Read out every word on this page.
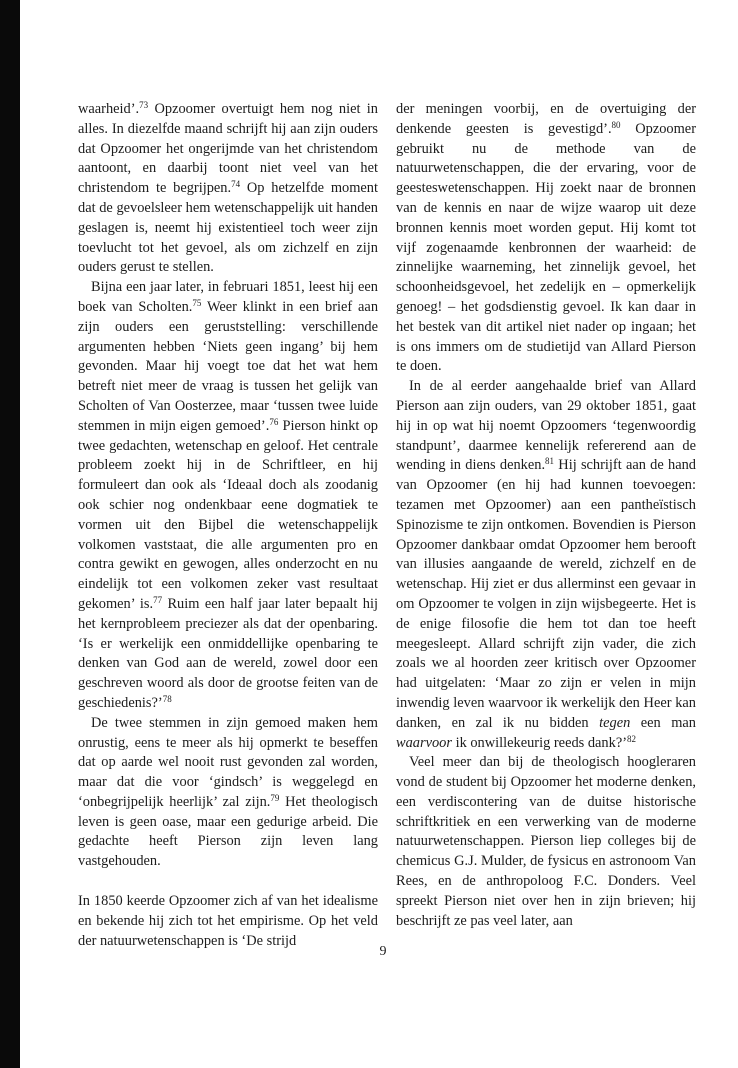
waarheid’.$^{73}$ Opzoomer overtuigt hem nog niet in alles. In diezelfde maand schrijft hij aan zijn ouders dat Opzoomer het ongerijmde van het christendom aantoont, en daarbij toont niet veel van het christendom te begrijpen.$^{74}$ Op hetzelfde moment dat de gevoelsleer hem wetenschappelijk uit handen geslagen is, neemt hij existentieel toch weer zijn toevlucht tot het gevoel, als om zichzelf en zijn ouders gerust te stellen.

Bijna een jaar later, in februari 1851, leest hij een boek van Scholten.$^{75}$ Weer klinkt in een brief aan zijn ouders een geruststelling: verschillende argumenten hebben ‘Niets geen ingang’ bij hem gevonden. Maar hij voegt toe dat het wat hem betreft niet meer de vraag is tussen het gelijk van Scholten of Van Oosterzee, maar ‘tussen twee luide stemmen in mijn eigen gemoed’.$^{76}$ Pierson hinkt op twee gedachten, wetenschap en geloof. Het centrale probleem zoekt hij in de Schriftleer, en hij formuleert dan ook als ‘Ideaal doch als zoodanig ook schier nog ondenkbaar eene dogmatiek te vormen uit den Bijbel die wetenschappelijk volkomen vaststaat, die alle argumenten pro en contra gewikt en gewogen, alles onderzocht en nu eindelijk tot een volkomen zeker vast resultaat gekomen’ is.$^{77}$ Ruim een half jaar later bepaalt hij het kernprobleem preciezer als dat der openbaring. ‘Is er werkelijk een onmiddellijke openbaring te denken van God aan de wereld, zowel door een geschreven woord als door de grootse feiten van de geschiedenis?’$^{78}$

De twee stemmen in zijn gemoed maken hem onrustig, eens te meer als hij opmerkt te beseffen dat op aarde wel nooit rust gevonden zal worden, maar dat die voor ‘gindsch’ is weggelegd en ‘onbegrijpelijk heerlijk’ zal zijn.$^{79}$ Het theologisch leven is geen oase, maar een gedurige arbeid. Die gedachte heeft Pierson zijn leven lang vastgehouden.

In 1850 keerde Opzoomer zich af van het idealisme en bekende hij zich tot het empirisme. Op het veld der natuurwetenschappen is ‘De strijd

der meningen voorbij, en de overtuiging der denkende geesten is gevestigd’.$^{80}$ Opzoomer gebruikt nu de methode van de natuurwetenschappen, die der ervaring, voor de geesteswetenschappen. Hij zoekt naar de bronnen van de kennis en naar de wijze waarop uit deze bronnen kennis moet worden geput. Hij komt tot vijf zogenaamde kenbronnen der waarheid: de zinnelijke waarneming, het zinnelijk gevoel, het schoonheidsgevoel, het zedelijk en – opmerkelijk genoeg! – het godsdienstig gevoel. Ik kan daar in het bestek van dit artikel niet nader op ingaan; het is ons immers om de studietijd van Allard Pierson te doen.

In de al eerder aangehaalde brief van Allard Pierson aan zijn ouders, van 29 oktober 1851, gaat hij in op wat hij noemt Opzoomers ‘tegenwoordig standpunt’, daarmee kennelijk refererend aan de wending in diens denken.$^{81}$ Hij schrijft aan de hand van Opzoomer (en hij had kunnen toevoegen: tezamen met Opzoomer) aan een pantheïstisch Spinozisme te zijn ontkomen. Bovendien is Pierson Opzoomer dankbaar omdat Opzoomer hem berooft van illusies aangaande de wereld, zichzelf en de wetenschap. Hij ziet er dus allerminst een gevaar in om Opzoomer te volgen in zijn wijsbegeerte. Het is de enige filosofie die hem tot dan toe heeft meegesleept. Allard schrijft zijn vader, die zich zoals we al hoorden zeer kritisch over Opzoomer had uitgelaten: ‘Maar zo zijn er velen in mijn inwendig leven waarvoor ik werkelijk den Heer kan danken, en zal ik nu bidden tegen een man waarvoor ik onwillekeurig reeds dank?’$^{82}$

Veel meer dan bij de theologisch hoogleraren vond de student bij Opzoomer het moderne denken, een verdiscontering van de duitse historische schriftkritiek en een verwerking van de moderne natuurwetenschappen. Pierson liep colleges bij de chemicus G.J. Mulder, de fysicus en astronoom Van Rees, en de anthropoloog F.C. Donders. Veel spreekt Pierson niet over hen in zijn brieven; hij beschrijft ze pas veel later, aan

9
